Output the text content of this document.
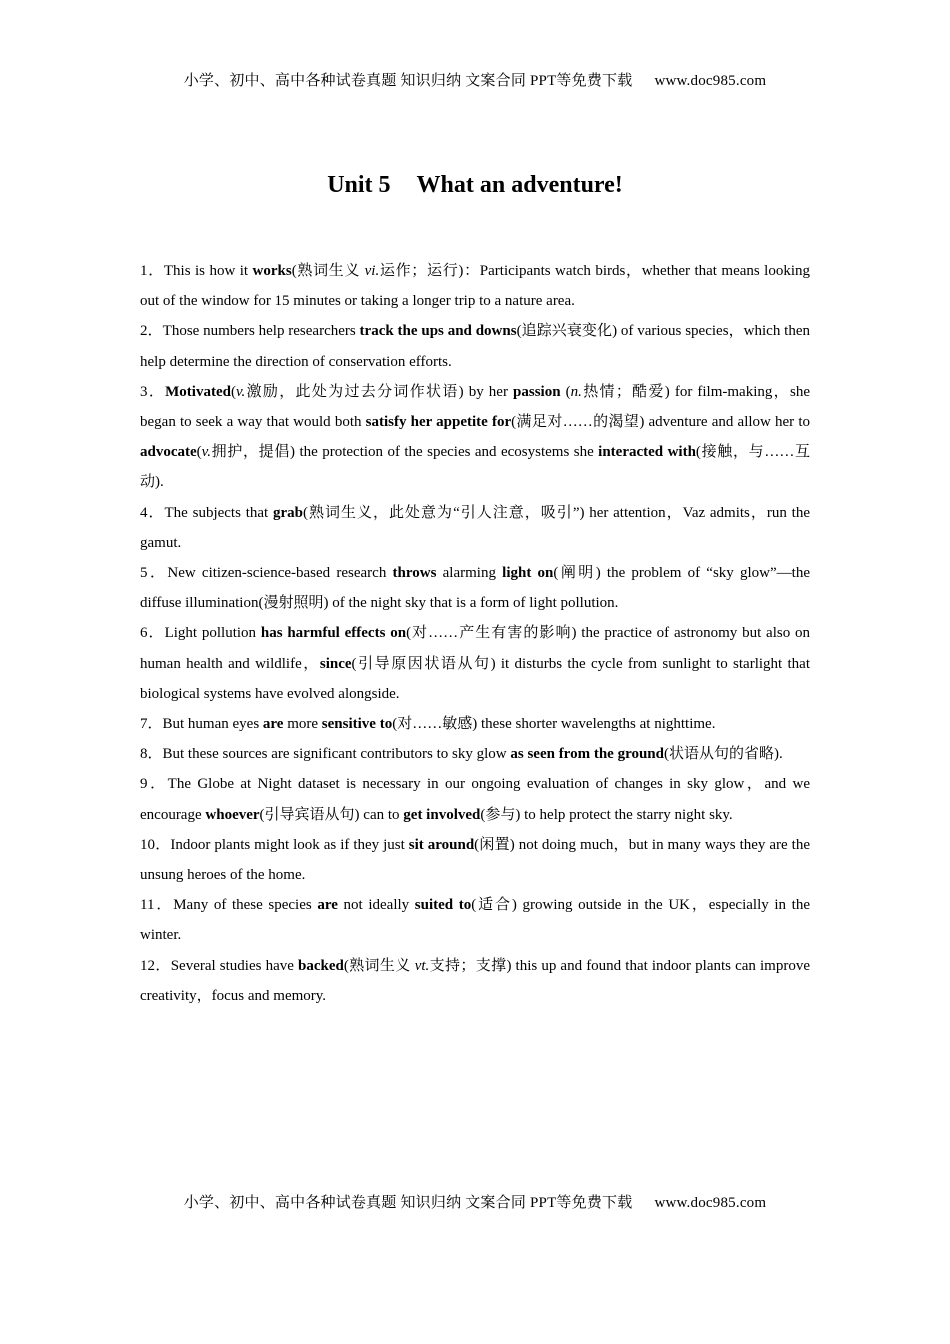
小学、初中、高中各种试卷真题 知识归纳 文案合同 PPT等免费下载 www.doc985.com
Unit 5 What an adventure!

1．This is how it works(熟词生义 vi.运作；运行)：Participants watch birds，whether that means looking out of the window for 15 minutes or taking a longer trip to a nature area.

2．Those numbers help researchers track the ups and downs(追踪兴衰变化) of various species，which then help determine the direction of conservation efforts.

3．Motivated(v.激励，此处为过去分词作状语) by her passion (n.热情；酷爱) for film-making，she began to seek a way that would both satisfy her appetite for(满足对……的渴望) adventure and allow her to advocate(v.拥护，提倡) the protection of the species and ecosystems she interacted with(接触，与……互动).

4．The subjects that grab(熟词生义，此处意为“引人注意，吸引”) her attention，Vaz admits，run the gamut.

5．New citizen-science-based research throws alarming light on(阐明) the problem of “sky glow”—the diffuse illumination(漫射照明) of the night sky that is a form of light pollution.

6．Light pollution has harmful effects on(对……产生有害的影响) the practice of astronomy but also on human health and wildlife，since(引导原因状语从句) it disturbs the cycle from sunlight to starlight that biological systems have evolved alongside.

7．But human eyes are more sensitive to(对……敏感) these shorter wavelengths at nighttime.

8．But these sources are significant contributors to sky glow as seen from the ground(状语从句的省略).

9．The Globe at Night dataset is necessary in our ongoing evaluation of changes in sky glow，and we encourage whoever(引导宾语从句) can to get involved(参与) to help protect the starry night sky.

10．Indoor plants might look as if they just sit around(闲置) not doing much，but in many ways they are the unsung heroes of the home.

11．Many of these species are not ideally suited to(适合) growing outside in the UK，especially in the winter.

12．Several studies have backed(熟词生义 vt.支持；支撑) this up and found that indoor plants can improve creativity，focus and memory.

小学、初中、高中各种试卷真题 知识归纳 文案合同 PPT等免费下载 www.doc985.com
